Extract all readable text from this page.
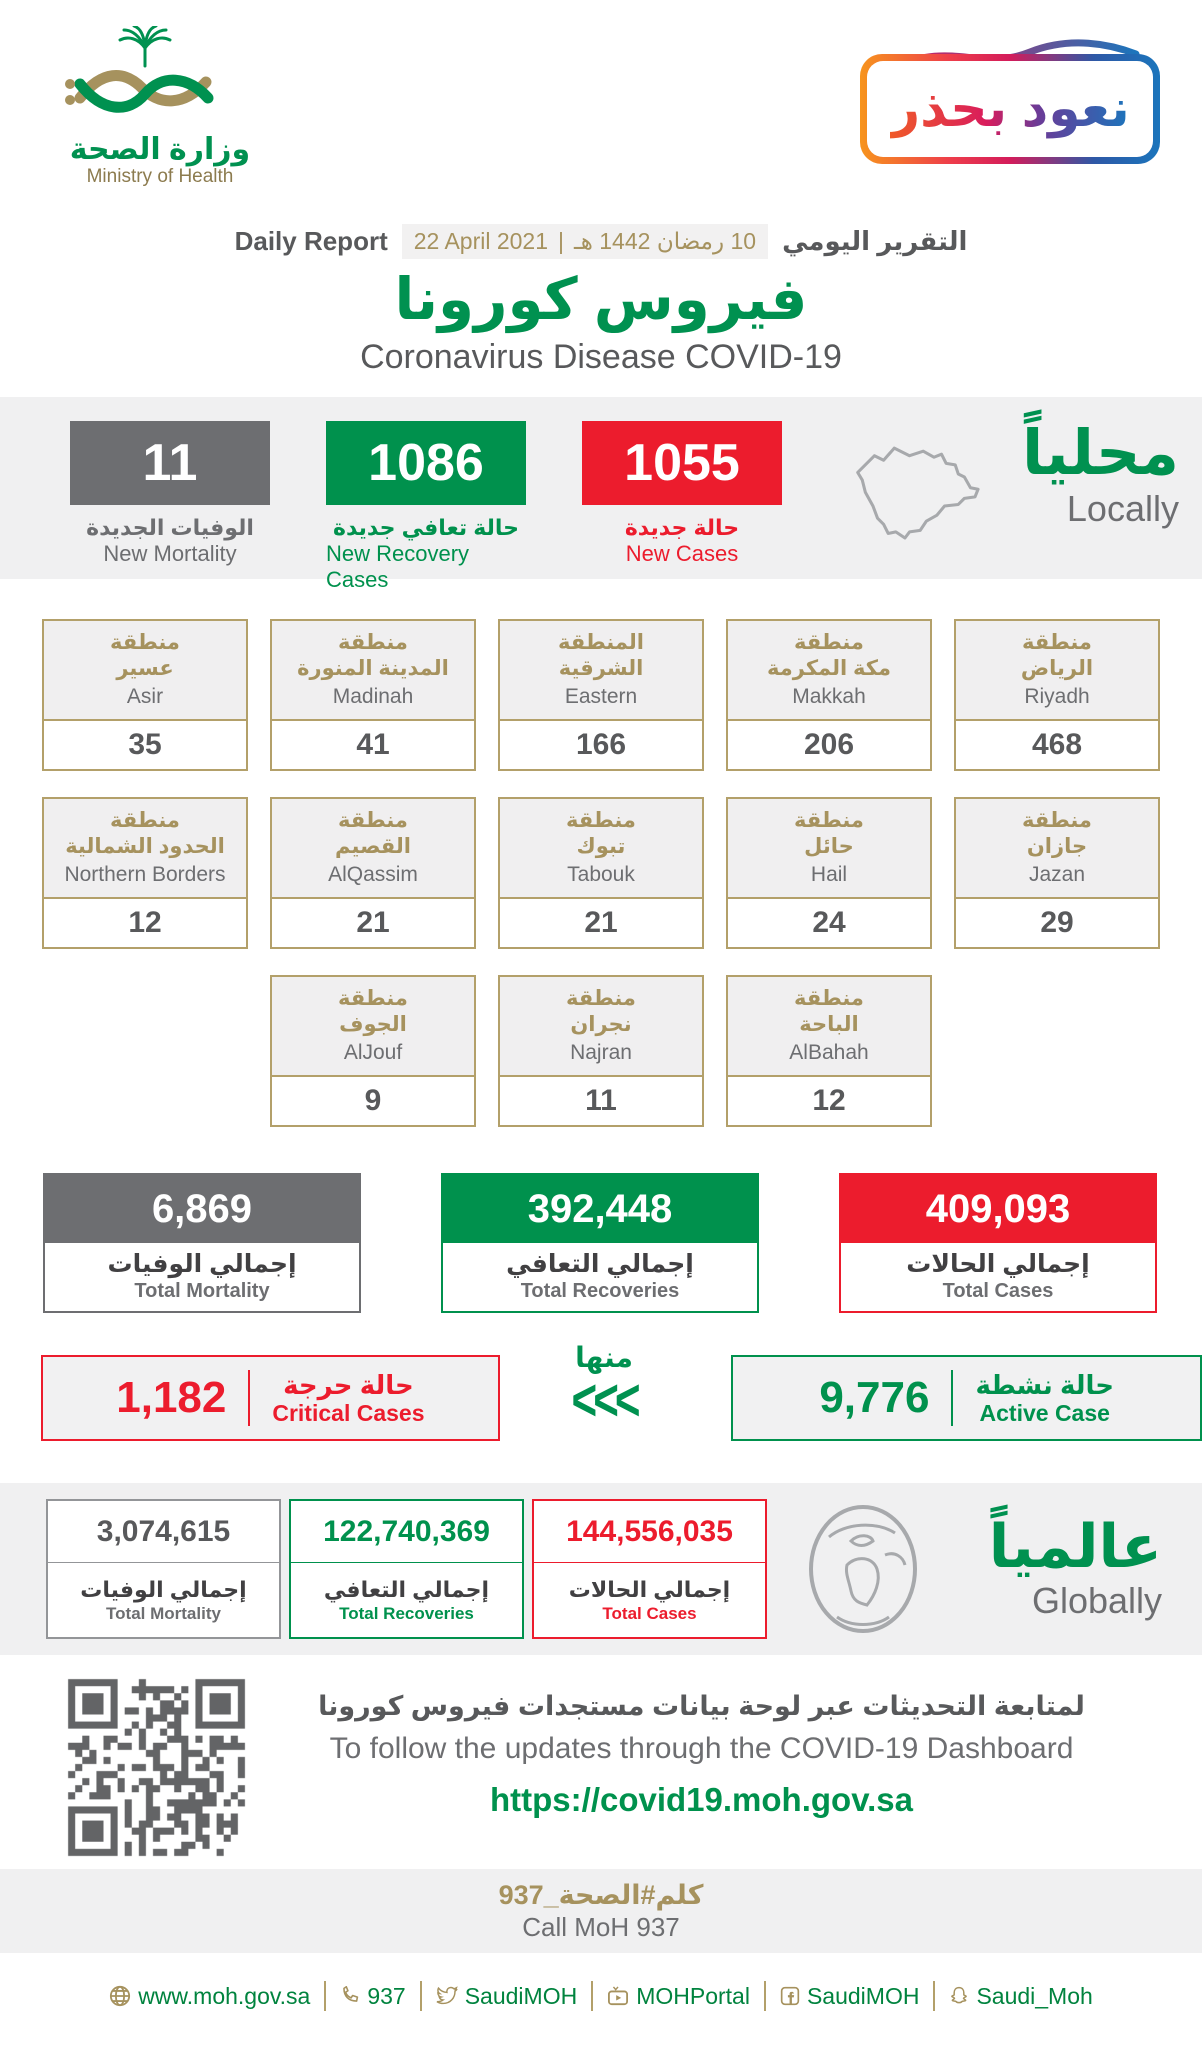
وزارة الصحة
Ministry of Health
نعود بحذر
Daily Report 22 April 2021 | 10 رمضان 1442 هـ التقرير اليومي
فيروس كورونا
Coronavirus Disease COVID-19
11
الوفيات الجديدة
New Mortality
1086
حالة تعافي جديدة
New Recovery Cases
1055
حالة جديدة
New Cases
محلياً
Locally
منطقة
عسير
Asir
35
منطقة
المدينة المنورة
Madinah
41
المنطقة
الشرقية
Eastern
166
منطقة
مكة المكرمة
Makkah
206
منطقة
الرياض
Riyadh
468
منطقة
الحدود الشمالية
Northern Borders
12
منطقة
القصيم
AlQassim
21
منطقة
تبوك
Tabouk
21
منطقة
حائل
Hail
24
منطقة
جازان
Jazan
29
منطقة
الجوف
AlJouf
9
منطقة
نجران
Najran
11
منطقة
الباحة
AlBahah
12
6,869
إجمالي الوفيات
Total Mortality
392,448
إجمالي التعافي
Total Recoveries
409,093
إجمالي الحالات
Total Cases
1,182	حالة حرجة
Critical Cases
منها
<<<	9,776 حالة نشطة
Active Case
3,074,615
إجمالي الوفيات
Total Mortality
122,740,369
إجمالي التعافي
Total Recoveries
144,556,035
إجمالي الحالات
Total Cases
عالمياً
Globally
لمتابعة التحديثات عبر لوحة بيانات مستجدات فيروس كورونا
To follow the updates through the COVID-19 Dashboard
https://covid19.moh.gov.sa
كلم#الصحة_937
Call MoH 937
www.moh.gov.sa 937	SaudiMOH	MOHPortal SaudiMOH Saudi_Moh
